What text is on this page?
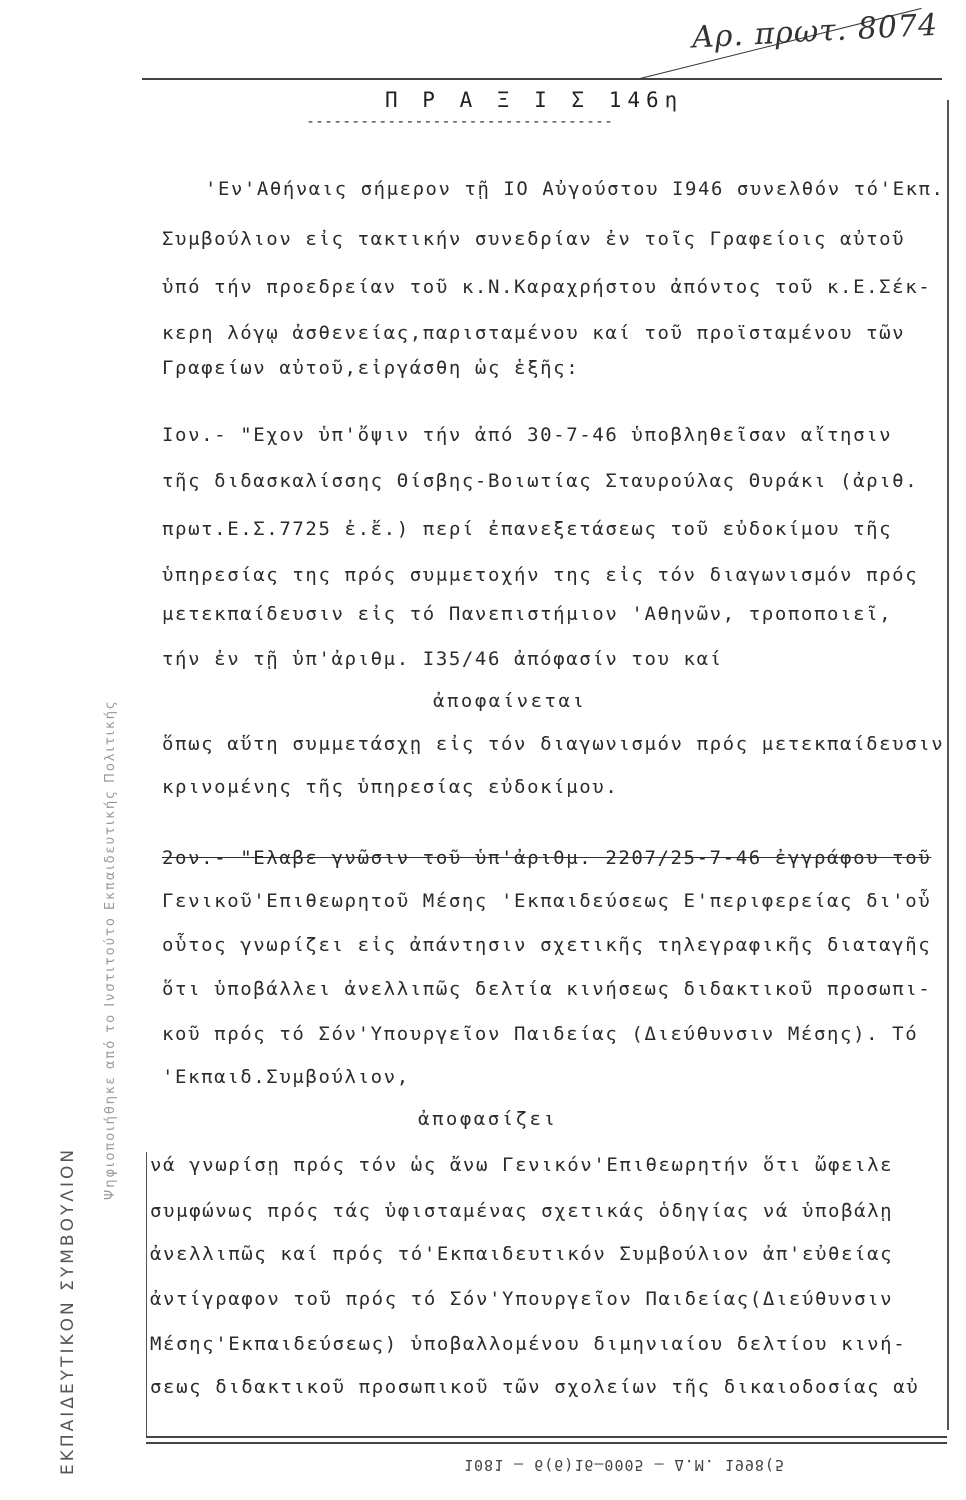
Αρ. πρωτ. 8074
Π Ρ Α Ξ Ι Σ 146η
----------------------------------
ΕΚΠΑΙΔΕΥΤΙΚΟΝ ΣΥΜΒΟΥΛΙΟΝ
Ψηφιοποιήθηκε από το Ινστιτούτο Εκπαιδευτικής Πολιτικής
'Εν'Αθήναις σήμερον τῇ ΙΟ Αὐγούστου Ι946 συνελθόν τό'Εκπ.
Συμβούλιον εἰς τακτικήν συνεδρίαν ἐν τοῖς Γραφείοις αὐτοῦ
ὑπό τήν προεδρείαν τοῦ κ.Ν.Καραχρήστου ἀπόντος τοῦ κ.Ε.Σέκ-
κερη λόγῳ ἀσθενείας,παρισταμένου καί τοῦ προϊσταμένου τῶν
Γραφείων αὐτοῦ,εἰργάσθη ὡς ἑξῆς:
Ιον.- "Εχον ὑπ'ὄψιν τήν ἀπό 30-7-46 ὑποβληθεῖσαν αἴτησιν
τῆς διδασκαλίσσης Θίσβης-Βοιωτίας Σταυρούλας Θυράκι (ἀριθ.
πρωτ.Ε.Σ.7725 ἐ.ἔ.) περί ἐπανεξετάσεως τοῦ εὐδοκίμου τῆς
ὑπηρεσίας της πρός συμμετοχήν της εἰς τόν διαγωνισμόν πρός
μετεκπαίδευσιν εἰς τό Πανεπιστήμιον 'Αθηνῶν, τροποποιεῖ,
τήν ἐν τῇ ὑπ'ἀριθμ. Ι35/46 ἀπόφασίν του καί
ἀποφαίνεται
ὅπως αὕτη συμμετάσχῃ εἰς τόν διαγωνισμόν πρός μετεκπαίδευσιν
κρινομένης τῆς ὑπηρεσίας εὐδοκίμου.
2ον.- "Ελαβε γνῶσιν τοῦ ὑπ'ἀριθμ. 2207/25-7-46 ἐγγράφου τοῦ
Γενικοῦ'Επιθεωρητοῦ Μέσης 'Εκπαιδεύσεως Ε'περιφερείας δι'οὗ
οὗτος γνωρίζει εἰς ἀπάντησιν σχετικῆς τηλεγραφικῆς διαταγῆς
ὅτι ὑποβάλλει ἀνελλιπῶς δελτία κινήσεως διδακτικοῦ προσωπι-
κοῦ πρός τό Σόν'Υπουργεῖον Παιδείας (Διεύθυνσιν Μέσης). Τό
'Εκπαιδ.Συμβούλιον,
ἀποφασίζει
νά γνωρίσῃ πρός τόν ὡς ἄνω Γενικόν'Επιθεωρητήν ὅτι ὤφειλε
συμφώνως πρός τάς ὑφισταμένας σχετικάς ὁδηγίας νά ὑποβάλῃ
ἀνελλιπῶς καί πρός τό'Εκπαιδευτικόν Συμβούλιον ἀπ'εὐθείας
ἀντίγραφον τοῦ πρός τό Σόν'Υπουργεῖον Παιδείας(Διεύθυνσιν
Μέσης'Εκπαιδεύσεως) ὑποβαλλομένου διμηνιαίου δελτίου κινή-
σεως διδακτικοῦ προσωπικοῦ τῶν σχολείων τῆς δικαιοδοσίας αὐ
1081 — 6(6)16—0005 — Δ.Μ. 1998(5
